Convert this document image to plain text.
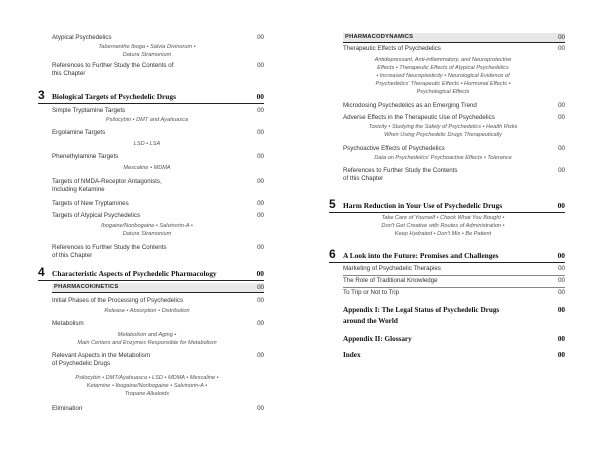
Atypical Psychedelics	00
Tabernanthe Iboga • Salvia Divinorum •
Datura Stramonium
References to Further Study the Contents of
this Chapter
00
3 Biological Targets of Psychedelic Drugs	00
Simple Tryptamine Targets	00
Psilocybin • DMT and Ayahuasca
Ergolamine Targets	00
LSD • LSA
Phenethylamine Targets	00
Mescaline • MDMA
Targets of NMDA-Receptor Antagonists,
Including Ketamine
00
Targets of New Tryptamines	00
Targets of Atypical Psychedelics	00
Ibogaine/Noribogaine • Salvinorin-A •
Datura Stramonium
References to Further Study the Contents
of this Chapter
00
4 Characteristic Aspects of Psychedelic Pharmacology	00
PHARMACOKINETICS	00
Initial Phases of the Processing of Psychedelics	00
Release • Absorption • Distribution
Metabolism	00
Metabolism and Aging •
Main Centers and Enzymes Responsible for Metabolism
Relevant Aspects in the Metabolism
of Psychedelic Drugs
00
Psilocybin • DMT/Ayahuasca • LSD • MDMA • Mescaline •
Ketamine • Ibogaine/Noribogaine • Salvinorin-A •
Tropane Alkaloids
Elimination	00
PHARMACODYNAMICS	00
Therapeutic Effects of Psychedelics	00
Antidepressant, Anti-inflammatory, and Neuroprotective
Effects • Therapeutic Effects of Atypical Psychedelics
• Increased Neuroplasticity • Neurological Evidence of
Psychedelics' Therapeutic Effects • Hormonal Effects •
Psychological Effects
Microdosing Psychedelics as an Emerging Trend	00
Adverse Effects in the Therapeutic Use of Psychedelics	00
Toxicity • Studying the Safety of Psychedelics • Health Risks
When Using Psychedelic Drugs Therapeutically
Psychoactive Effects of Psychedelics	00
Data on Psychedelics' Psychoactive Effects • Tolerance
References to Further Study the Contents
of this Chapter
00
5 Harm Reduction in Your Use of Psychedelic Drugs	00
Take Care of Yourself • Check What You Bought •
Don't Get Creative with Routes of Administration •
Keep Hydrated • Don't Mix • Be Patient
6 A Look into the Future: Promises and Challenges	00
Marketing of Psychedelic Therapies	00
The Role of Traditional Knowledge	00
To Trip or Not to Trip	00
Appendix I: The Legal Status of Psychedelic Drugs
around the World
00
Appendix II: Glossary	00
Index	00
